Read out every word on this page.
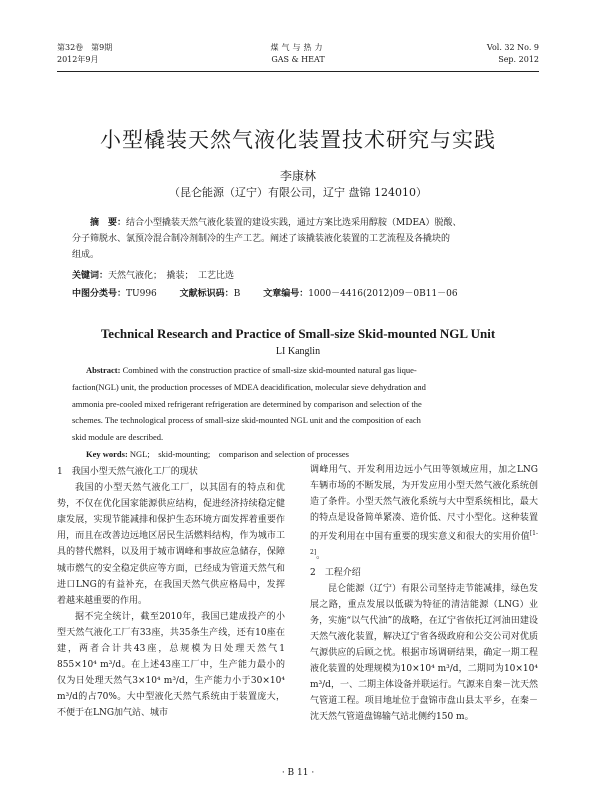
第32卷　第9期
2012年9月
煤气与热力
GAS & HEAT
Vol. 32 No. 9
Sep. 2012
小型橇装天然气液化装置技术研究与实践
李康林
（昆仑能源（辽宁）有限公司，辽宁 盘锦 124010）
摘　要：结合小型撬装天然气液化装置的建设实践，通过方案比选采用醇胺（MDEA）脱酸、
分子筛脱水、氯预冷混合制冷剂制冷的生产工艺。阐述了该撬装液化装置的工艺流程及各撬块的
组成。
关键词：天然气液化；　撬装；　工艺比选
中图分类号：TU996	文献标识码：B	文章编号：1000－4416(2012)09－0B11－06
Technical Research and Practice of Small-size Skid-mounted NGL Unit
LI Kanglin
Abstract: Combined with the construction practice of small-size skid-mounted natural gas lique-
faction(NGL) unit, the production processes of MDEA deacidification, molecular sieve dehydration and
ammonia pre-cooled mixed refrigerant refrigeration are determined by comparison and selection of the
schemes. The technological process of small-size skid-mounted NGL unit and the composition of each
skid module are described.
Key words: NGL;　skid-mounting;　comparison and selection of processes

1　我国小型天然气液化工厂的现状

我国的小型天然气液化工厂，以其固有的特点和优势，不仅在优化国家能源供应结构，促进经济持续稳定健康发展，实现节能减排和保护生态环境方面发挥着重要作用，而且在改善边远地区居民生活燃料结构，作为城市工具的替代燃料，以及用于城市调峰和事故应急储存，保障城市燃气的安全稳定供应等方面，已经成为管道天然气和进口LNG的有益补充，在我国天然气供应格局中，发挥着越来越重要的作用。

据不完全统计，截至2010年，我国已建成投产的小型天然气液化工厂有33座，共35条生产线，还有10座在建，两者合计共43座，总规模为日处理天然气1 855×10⁴ m³/d。在上述43座工厂中，生产能力最小的仅为日处理天然气3×10⁴ m³/d，生产能力小于30×10⁴ m³/d的占70%。大中型液化天然气系统由于装置庞大，不便于在LNG加气站、城市

调峰用气、开发利用边远小气田等领域应用，加之LNG车辆市场的不断发展，为开发应用小型天然气液化系统创造了条件。小型天然气液化系统与大中型系统相比，最大的特点是设备简单紧凑、造价低、尺寸小型化。这种装置的开发利用在中国有重要的现实意义和很大的实用价值[1-2]。

2　工程介绍

昆仑能源（辽宁）有限公司坚持走节能减排，绿色发展之路，重点发展以低碳为特征的清洁能源（LNG）业务，实施“以气代油”的战略，在辽宁省依托辽河油田建设天然气液化装置，解决辽宁省各级政府和公交公司对优质气源供应的后顾之忧。根据市场调研结果，确定一期工程液化装置的处理规模为10×10⁴ m³/d，二期同为10×10⁴ m³/d，一、二期主体设备并联运行。气源来自秦－沈天然气管道工程。项目地址位于盘锦市盘山县太平乡，在秦－沈天然气管道盘锦输气站北侧约150 m。

· B 11 ·
